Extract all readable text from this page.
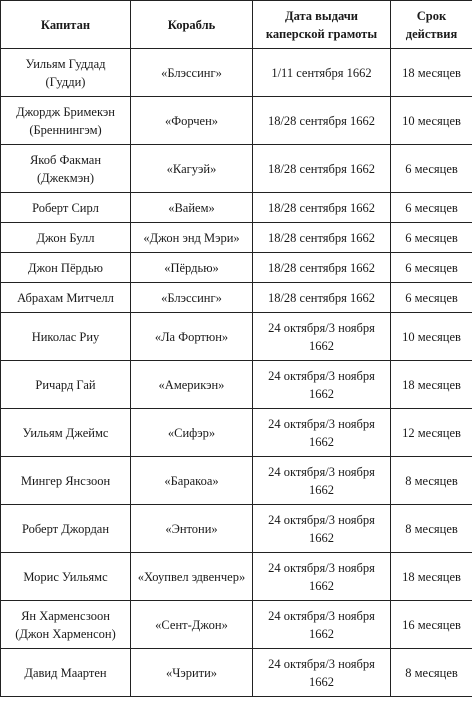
Капитан	Корабль	Дата выдачи каперской грамоты	Срок действия
Уильям Гуддад (Гудди)	«Блэссинг»	1/11 сентября 1662	18 месяцев
Джордж Бримекэн (Бреннингэм)	«Форчен»	18/28 сентября 1662	10 месяцев
Якоб Факман (Джекмэн)	«Кагуэй»	18/28 сентября 1662	6 месяцев
Роберт Сирл	«Вайем»	18/28 сентября 1662	6 месяцев
Джон Булл	«Джон энд Мэри»	18/28 сентября 1662	6 месяцев
Джон Пёрдью	«Пёрдью»	18/28 сентября 1662	6 месяцев
Абрахам Митчелл	«Блэссинг»	18/28 сентября 1662	6 месяцев
Николас Риу	«Ла Фортюн»	24 октября/3 ноября 1662	10 месяцев
Ричард Гай	«Америкэн»	24 октября/3 ноября 1662	18 месяцев
Уильям Джеймс	«Сифэр»	24 октября/3 ноября 1662	12 месяцев
Мингер Янсзоон	«Баракоа»	24 октября/3 ноября 1662	8 месяцев
Роберт Джордан	«Энтони»	24 октября/3 ноября 1662	8 месяцев
Морис Уильямс	«Хоупвел эдвенчер»	24 октября/3 ноября 1662	18 месяцев
Ян Харменсзоон (Джон Харменсон)	«Сент-Джон»	24 октября/3 ноября 1662	16 месяцев
Давид Маартен	«Чэрити»	24 октября/3 ноября 1662	8 месяцев
